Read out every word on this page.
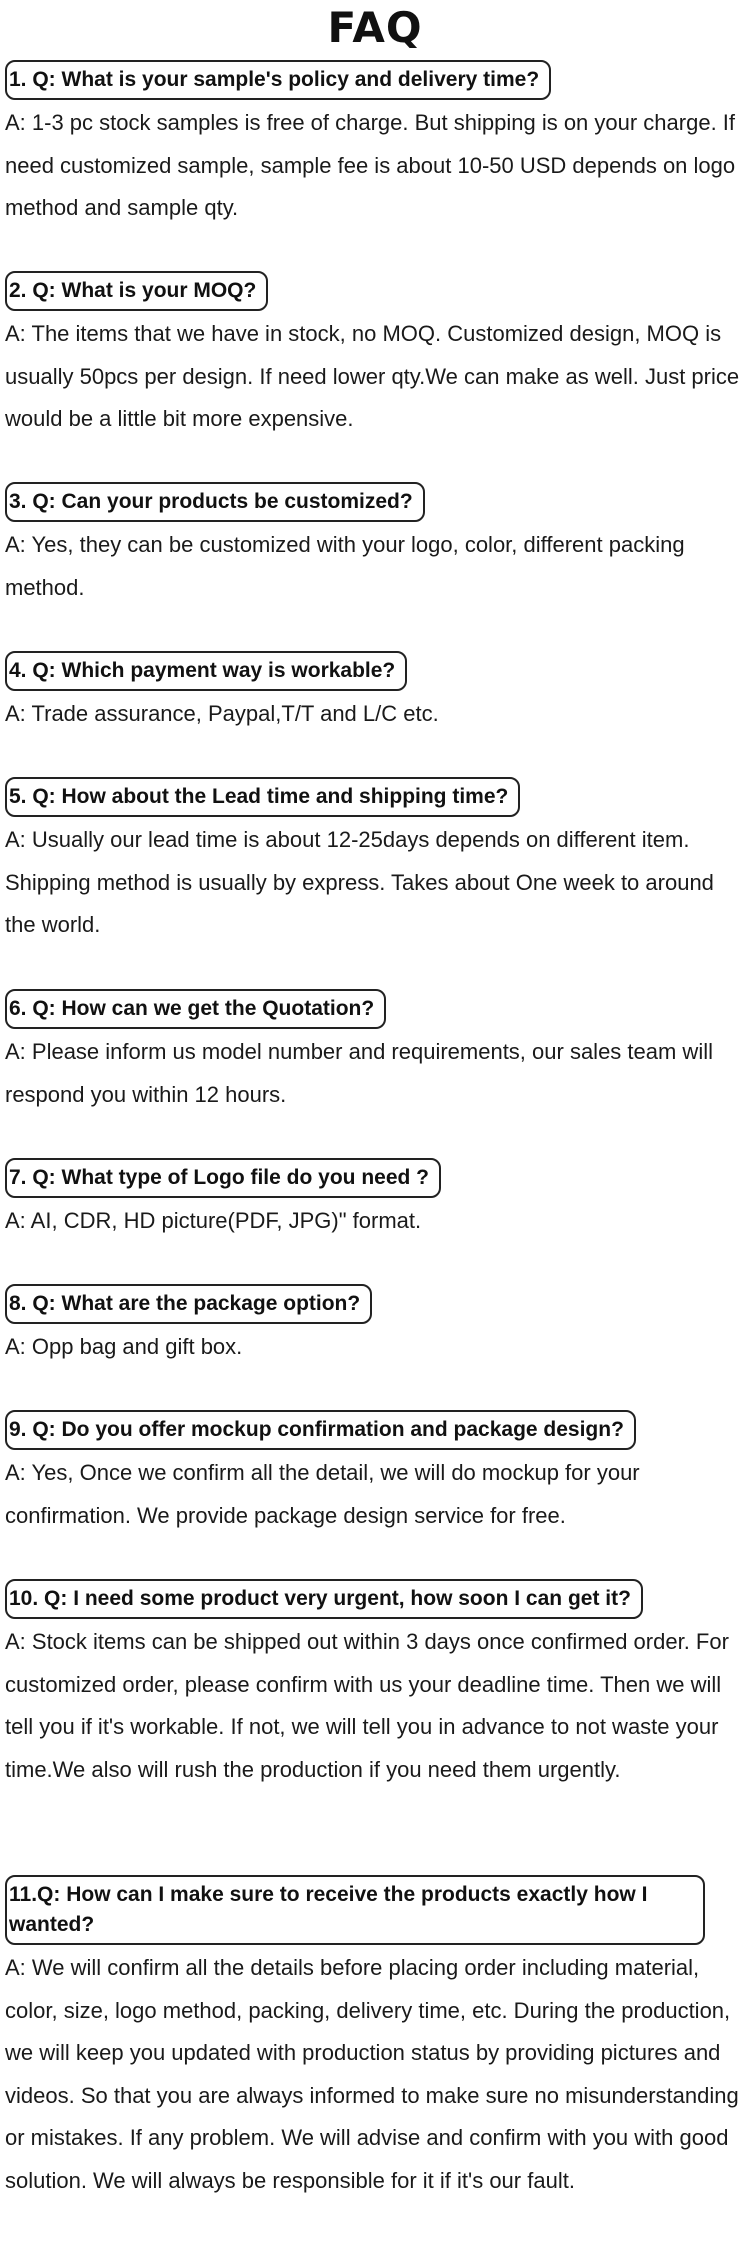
FAQ
1. Q: What is your sample's policy and delivery time?
A: 1-3 pc stock samples is free of charge. But shipping is on your charge. If need customized sample, sample fee is about 10-50 USD depends on logo method and sample qty.
2. Q: What is your MOQ?
A: The items that we have in stock, no MOQ. Customized design, MOQ is usually 50pcs per design. If need lower qty.We can make as well. Just price would be a little bit more expensive.
3. Q: Can your products be customized?
A: Yes, they can be customized with your logo, color, different packing method.
4. Q: Which payment way is workable?
A: Trade assurance, Paypal,T/T and L/C etc.
5. Q: How about the Lead time and shipping time?
A: Usually our lead time is about 12-25days depends on different item. Shipping method is usually by express. Takes about One week to around the world.
6. Q: How can we get the Quotation?
A: Please inform us model number and requirements, our sales team will respond you within 12 hours.
7. Q: What type of Logo file do you need ?
A: AI, CDR, HD picture(PDF, JPG)" format.
8. Q: What are the package option?
A: Opp bag and gift box.
9. Q: Do you offer mockup confirmation and package design?
A: Yes, Once we confirm all the detail, we will do mockup for your confirmation. We provide package design service for free.
10. Q: I need some product very urgent, how soon I can get it?
A: Stock items can be shipped out within 3 days once confirmed order. For customized order, please confirm with us your deadline time. Then we will tell you if it's workable. If not, we will tell you in advance to not waste your time.We also will rush the production if you need them urgently.
11.Q: How can I make sure to receive the products exactly how I wanted?
A: We will confirm all the details before placing order including material, color, size, logo method, packing, delivery time, etc. During the production, we will keep you updated with production status by providing pictures and videos. So that you are always informed to make sure no misunderstanding or mistakes. If any problem. We will advise and confirm with you with good solution. We will always be responsible for it if it's our fault.
